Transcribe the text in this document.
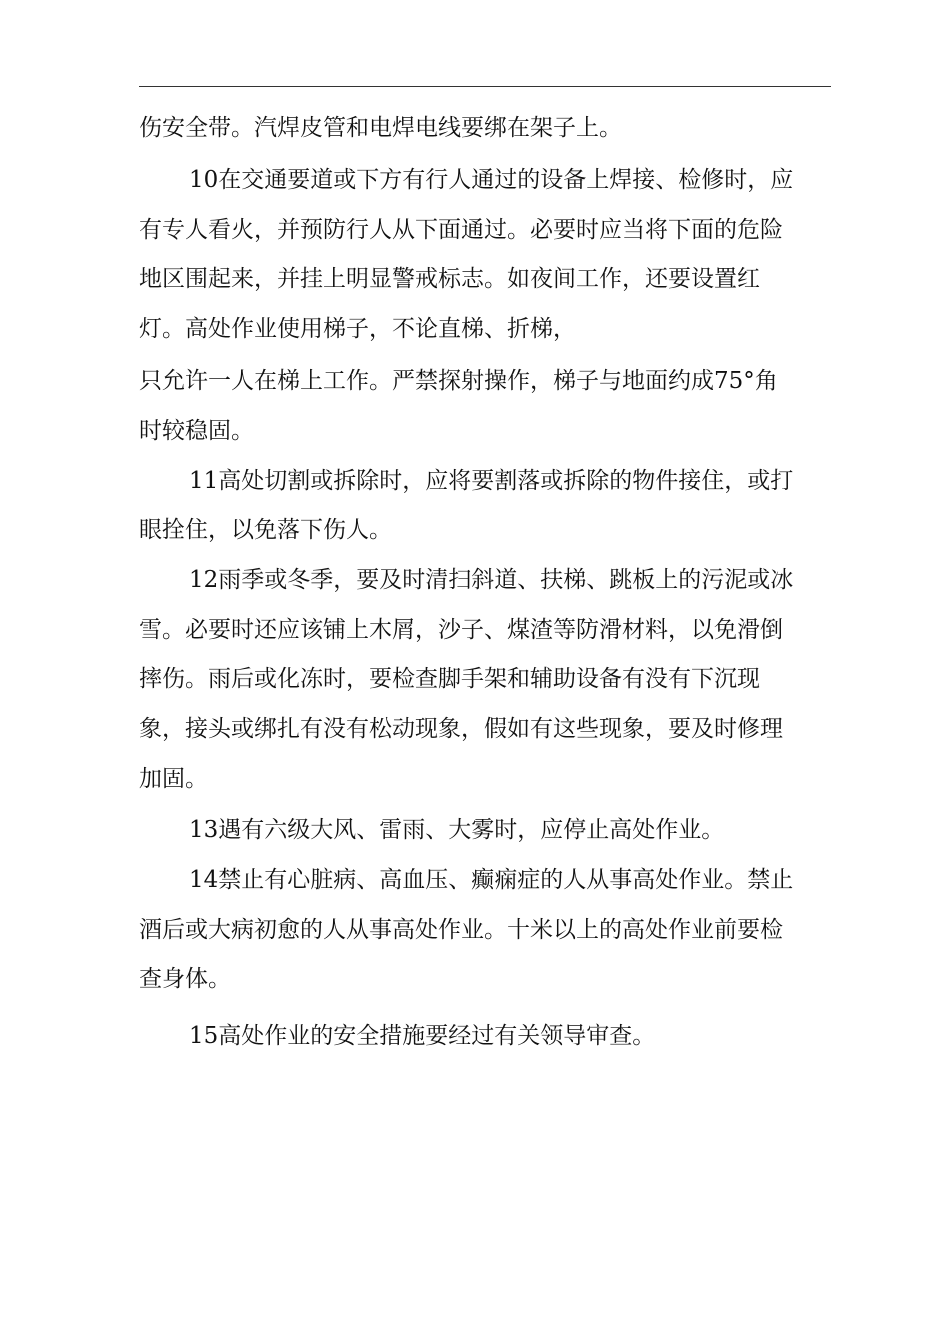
伤安全带。汽焊皮管和电焊电线要绑在架子上。
10在交通要道或下方有行人通过的设备上焊接、检修时，应
有专人看火，并预防行人从下面通过。必要时应当将下面的危险
地区围起来，并挂上明显警戒标志。如夜间工作，还要设置红
灯。高处作业使用梯子，不论直梯、折梯，
只允许一人在梯上工作。严禁探射操作，梯子与地面约成75°角
时较稳固。
11高处切割或拆除时，应将要割落或拆除的物件接住，或打
眼拴住，以免落下伤人。
12雨季或冬季，要及时清扫斜道、扶梯、跳板上的污泥或冰
雪。必要时还应该铺上木屑，沙子、煤渣等防滑材料，以免滑倒
摔伤。雨后或化冻时，要检查脚手架和辅助设备有没有下沉现
象，接头或绑扎有没有松动现象，假如有这些现象，要及时修理
加固。
13遇有六级大风、雷雨、大雾时，应停止高处作业。
14禁止有心脏病、高血压、癫痫症的人从事高处作业。禁止
酒后或大病初愈的人从事高处作业。十米以上的高处作业前要检
查身体。
15高处作业的安全措施要经过有关领导审查。
